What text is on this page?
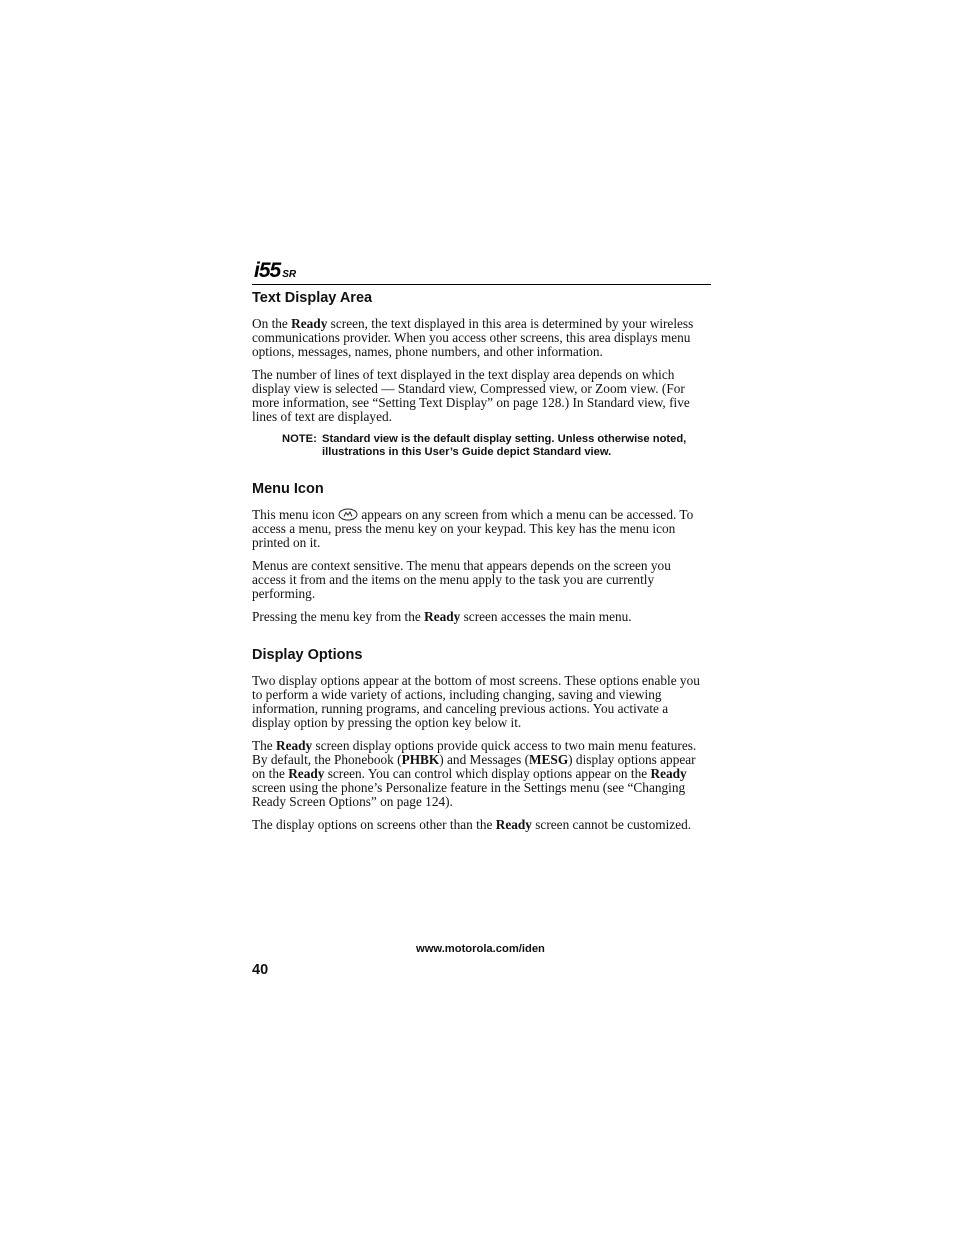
i55 SR
Text Display Area

On the Ready screen, the text displayed in this area is determined by your wireless communications provider. When you access other screens, this area displays menu options, messages, names, phone numbers, and other information.

The number of lines of text displayed in the text display area depends on which display view is selected — Standard view, Compressed view, or Zoom view. (For more information, see “Setting Text Display” on page 128.) In Standard view, five lines of text are displayed.

NOTE: Standard view is the default display setting. Unless otherwise noted, illustrations in this User’s Guide depict Standard view.
Menu Icon

This menu icon  appears on any screen from which a menu can be accessed. To access a menu, press the menu key on your keypad. This key has the menu icon printed on it.

Menus are context sensitive. The menu that appears depends on the screen you access it from and the items on the menu apply to the task you are currently performing.

Pressing the menu key from the Ready screen accesses the main menu.

Display Options

Two display options appear at the bottom of most screens. These options enable you to perform a wide variety of actions, including changing, saving and viewing information, running programs, and canceling previous actions. You activate a display option by pressing the option key below it.

The Ready screen display options provide quick access to two main menu features. By default, the Phonebook (PHBK) and Messages (MESG) display options appear on the Ready screen. You can control which display options appear on the Ready screen using the phone’s Personalize feature in the Settings menu (see “Changing Ready Screen Options” on page 124).

The display options on screens other than the Ready screen cannot be customized.

www.motorola.com/iden
40
